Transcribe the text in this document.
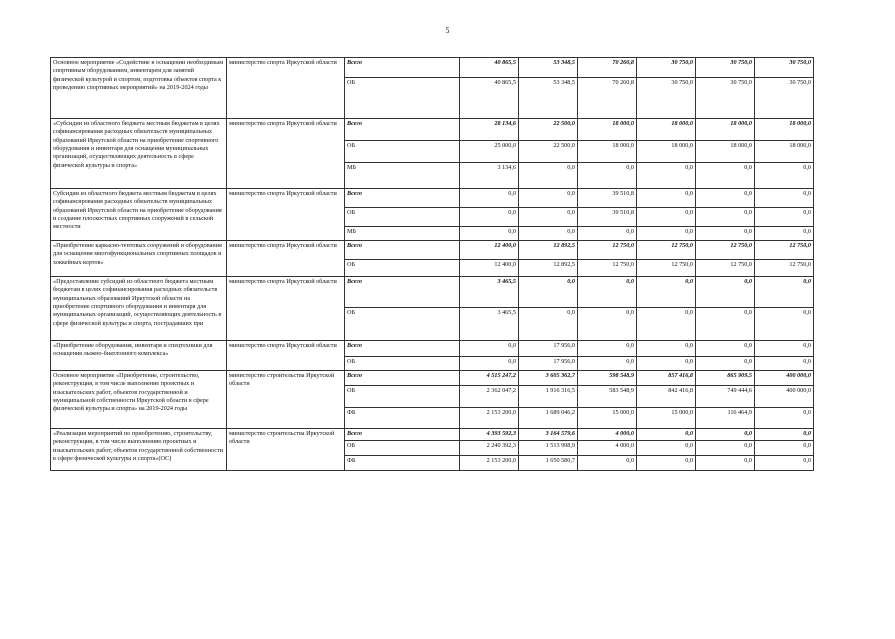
5
Основное мероприятие «Содействие в оснащении необходимым спортивным оборудованием, инвентарем для занятий физической культурой и спортом, подготовка объектов спорта к проведению спортивных мероприятий» на 2019-2024 годы	министерство спорта Иркутской области	Всего	40 865,5	53 348,5	70 260,8	30 750,0	30 750,0	30 750,0
		ОБ	40 865,5	53 348,5	70 260,8	30 750,0	30 750,0	30 750,0
«Субсидии из областного бюджета местным бюджетам в целях софинансирования расходных обязательств муниципальных образований Иркутской области на приобретение спортивного оборудования и инвентаря для оснащения муниципальных организаций, осуществляющих деятельность в сфере физической культуры и спорта»	министерство спорта Иркутской области	Всего	28 134,6	22 500,0	18 000,0	18 000,0	18 000,0	18 000,0
		ОБ	25 000,0	22 500,0	18 000,0	18 000,0	18 000,0	18 000,0
		МБ	3 134,6	0,0	0,0	0,0	0,0	0,0
Субсидии из областного бюджета местным бюджетам в целях софинансирования расходных обязательств муниципальных образований Иркутской области на приобретение оборудования и создание плоскостных спортивных сооружений в сельской местности	министерство спорта Иркутской области	Всего	0,0	0,0	39 510,8	0,0	0,0	0,0
		ОБ	0,0	0,0	39 510,8	0,0	0,0	0,0
		МБ	0,0	0,0	0,0	0,0	0,0	0,0
«Приобретение каркасно-тентовых сооружений и оборудования для оснащения многофункциональных спортивных площадок и хоккейных кортов»	министерство спорта Иркутской области	Всего	12 400,0	12 892,5	12 750,0	12 750,0	12 750,0	12 750,0
		ОБ	12 400,0	12 892,5	12 750,0	12 750,0	12 750,0	12 750,0
«Предоставление субсидий из областного бюджета местным бюджетам в целях софинансирования расходных обязательств муниципальных образований Иркутской области на приобретение спортивного оборудования и инвентаря для муниципальных организаций, осуществляющих деятельность в сфере физической культуры и спорта, пострадавших при	министерство спорта Иркутской области	Всего	3 465,5	0,0	0,0	0,0	0,0	0,0
		ОБ	3 465,5	0,0	0,0	0,0	0,0	0,0
«Приобретение оборудования, инвентаря и спецтехники для оснащения лыжно-биатлонного комплекса»	министерство спорта Иркутской области	Всего	0,0	17 956,0	0,0	0,0	0,0	0,0
		ОБ	0,0	17 956,0	0,0	0,0	0,0	0,0
Основное мероприятие «Приобретение, строительство, реконструкция, в том числе выполнение проектных и изыскательских работ, объектов государственной и муниципальной собственности Иркутской области в сфере физической культуры и спорта» на 2019-2024 годы	министерство строительства Иркутской области	Всего	4 515 247,2	3 605 362,7	598 548,9	857 416,8	865 909,5	400 000,0
		ОБ	2 362 047,2	1 916 316,5	583 548,9	842 416,8	749 444,6	400 000,0
		ФБ	2 153 200,0	1 689 046,2	15 000,0	15 000,0	116 464,9	0,0
«Реализация мероприятий по приобретению, строительству, реконструкции, в том числе выполнению проектных и изыскательских работ, объектов государственной собственности в сфере физической культуры и спорта»(ОС)	министерство строительства Иркутской области	Всего	4 393 592,3	3 164 579,6	4 000,0	0,0	0,0	0,0
		ОБ	2 240 392,3	1 513 998,9	4 000,0	0,0	0,0	0,0
		ФБ	2 153 200,0	1 650 580,7	0,0	0,0	0,0	0,0
